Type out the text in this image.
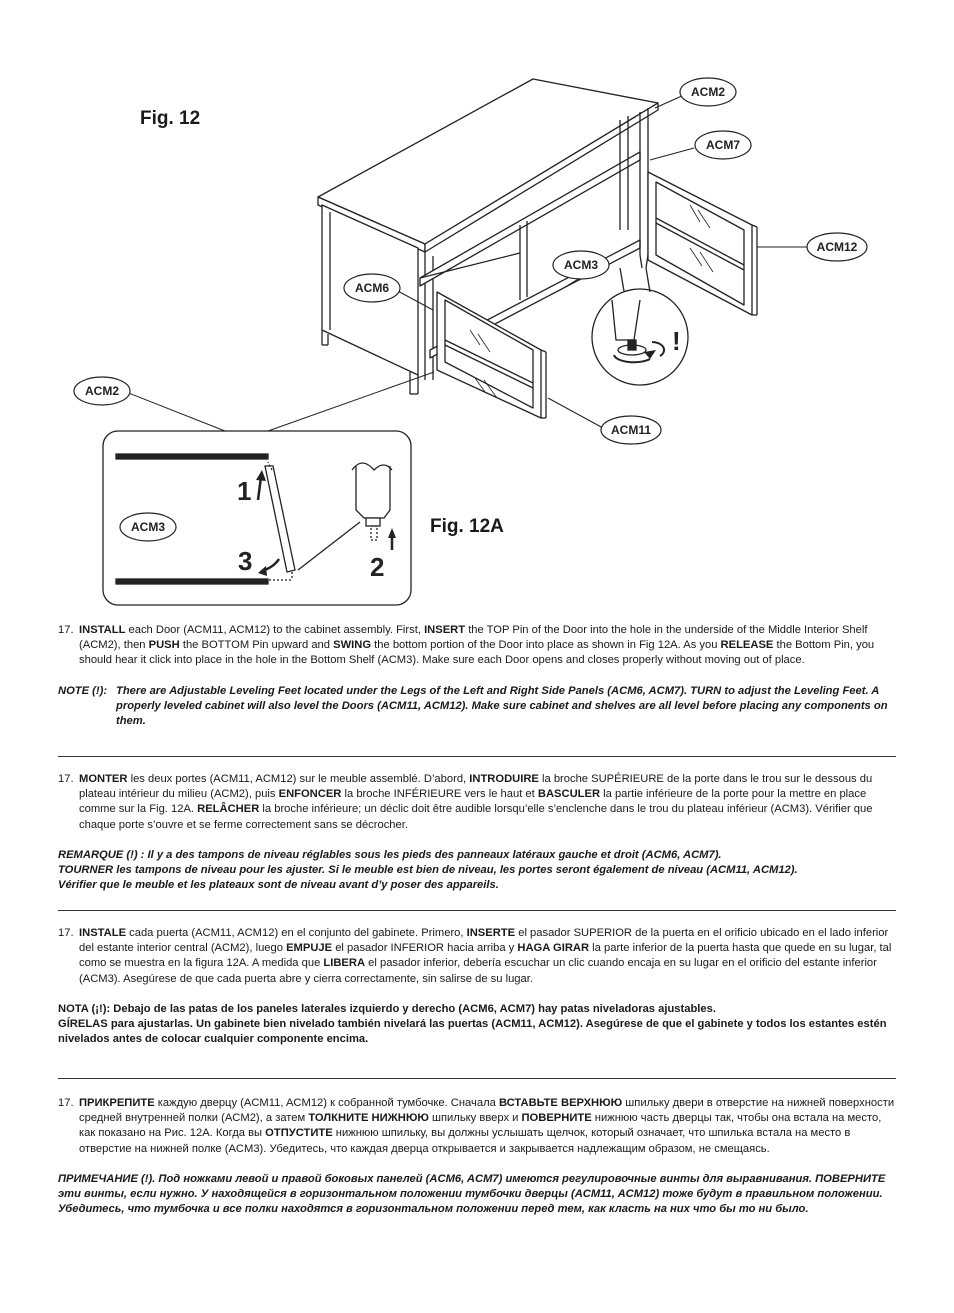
Fig. 12
Fig. 12A
!
1
2
3
ACM2
ACM7
ACM12
ACM3
ACM6
ACM2
ACM11
ACM3

17. INSTALL each Door (ACM11, ACM12) to the cabinet assembly. First, INSERT the TOP Pin of the Door into the hole in the underside of the Middle Interior Shelf (ACM2), then PUSH the BOTTOM Pin upward and SWING the bottom portion of the Door into place as shown in Fig 12A. As you RELEASE the Bottom Pin, you should hear it click into place in the hole in the Bottom Shelf (ACM3). Make sure each Door opens and closes properly without moving out of place.

NOTE (!): There are Adjustable Leveling Feet located under the Legs of the Left and Right Side Panels (ACM6, ACM7). TURN to adjust the Leveling Feet. A properly leveled cabinet will also level the Doors (ACM11, ACM12). Make sure cabinet and shelves are all level before placing any components on them.

17. MONTER les deux portes (ACM11, ACM12) sur le meuble assemblé. D’abord, INTRODUIRE la broche SUPÉRIEURE de la porte dans le trou sur le dessous du plateau intérieur du milieu (ACM2), puis ENFONCER la broche INFÉRIEURE vers le haut et BASCULER la partie inférieure de la porte pour la mettre en place comme sur la Fig. 12A. RELÂCHER la broche inférieure; un déclic doit être audible lorsqu’elle s’enclenche dans le trou du plateau inférieur (ACM3). Vérifier que chaque porte s’ouvre et se ferme correctement sans se décrocher.

REMARQUE (!) : Il y a des tampons de niveau réglables sous les pieds des panneaux latéraux gauche et droit (ACM6, ACM7).

TOURNER les tampons de niveau pour les ajuster. Si le meuble est bien de niveau, les portes seront également de niveau (ACM11, ACM12).

Vérifier que le meuble et les plateaux sont de niveau avant d’y poser des appareils.

17. INSTALE cada puerta (ACM11, ACM12) en el conjunto del gabinete. Primero, INSERTE el pasador SUPERIOR de la puerta en el orificio ubicado en el lado inferior del estante interior central (ACM2), luego EMPUJE el pasador INFERIOR hacia arriba y HAGA GIRAR la parte inferior de la puerta hasta que quede en su lugar, tal como se muestra en la figura 12A. A medida que LIBERA el pasador inferior, debería escuchar un clic cuando encaja en su lugar en el orificio del estante inferior (ACM3). Asegúrese de que cada puerta abre y cierra correctamente, sin salirse de su lugar.

NOTA (¡!): Debajo de las patas de los paneles laterales izquierdo y derecho (ACM6, ACM7) hay patas niveladoras ajustables.

GÍRELAS para ajustarlas. Un gabinete bien nivelado también nivelará las puertas (ACM11, ACM12). Asegúrese de que el gabinete y todos los estantes estén nivelados antes de colocar cualquier componente encima.

17. ПРИКРЕПИТЕ каждую дверцу (ACM11, ACM12) к собранной тумбочке. Сначала ВСТАВЬТЕ ВЕРХНЮЮ шпильку двери в отверстие на нижней поверхности средней внутренней полки (ACM2), а затем ТОЛКНИТЕ НИЖНЮЮ шпильку вверх и ПОВЕРНИТЕ нижнюю часть дверцы так, чтобы она встала на место, как показано на Рис. 12A. Когда вы ОТПУСТИТЕ нижнюю шпильку, вы должны услышать щелчок, который означает, что шпилька встала на место в отверстие на нижней полке (ACM3). Убедитесь, что каждая дверца открывается и закрывается надлежащим образом, не смещаясь.

ПРИМЕЧАНИЕ (!). Под ножками левой и правой боковых панелей (ACM6, ACM7) имеются регулировочные винты для выравнивания. ПОВЕРНИТЕ эти винты, если нужно. У находящейся в горизонтальном положении тумбочки дверцы (ACM11, ACM12) тоже будут в правильном положении. Убедитесь, что тумбочка и все полки находятся в горизонтальном положении перед тем, как класть на них что бы то ни было.
